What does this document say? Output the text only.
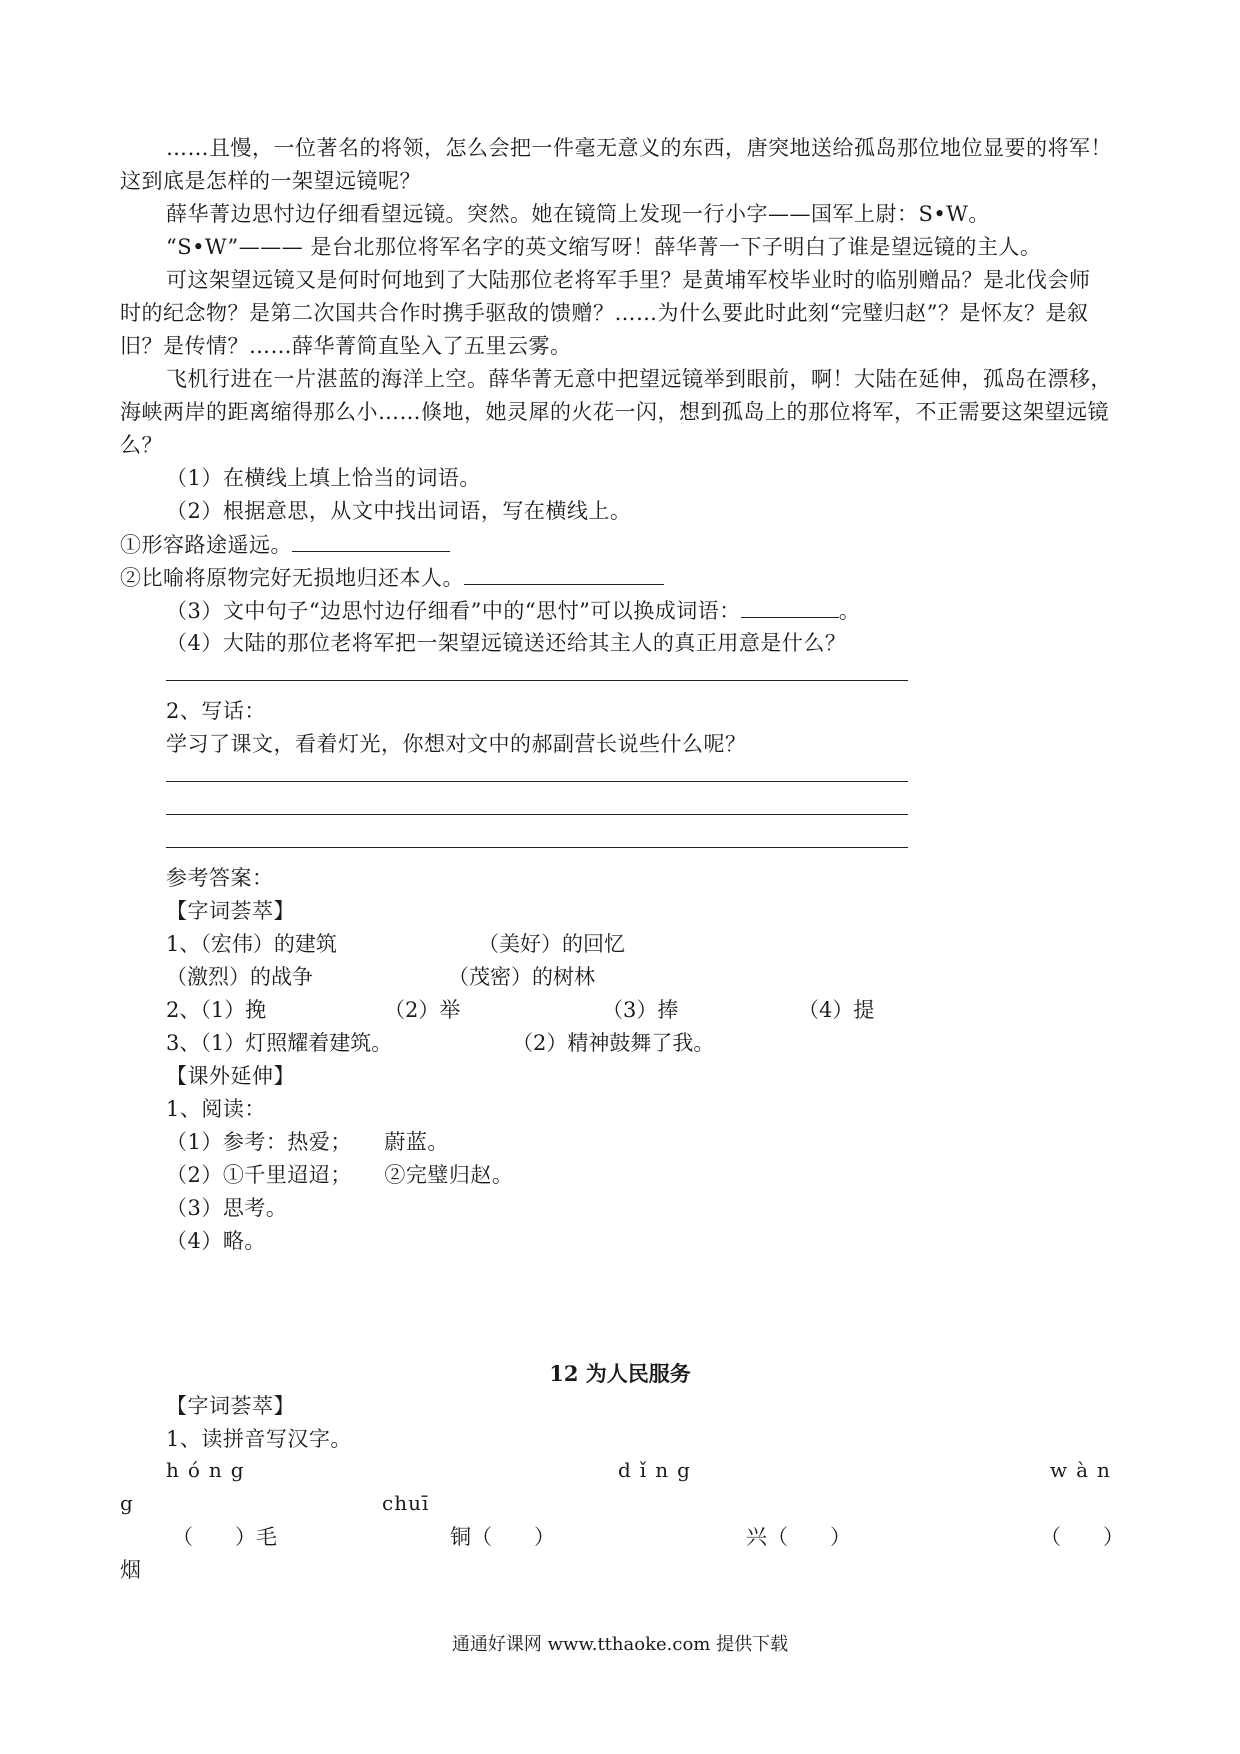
……且慢，一位著名的将领，怎么会把一件毫无意义的东西，唐突地送给孤岛那位地位显要的将军！
这到底是怎样的一架望远镜呢？
薛华菁边思忖边仔细看望远镜。突然。她在镜筒上发现一行小字——国军上尉：S•W。
“S•W”——— 是台北那位将军名字的英文缩写呀！薛华菁一下子明白了谁是望远镜的主人。
可这架望远镜又是何时何地到了大陆那位老将军手里？是黄埔军校毕业时的临别赠品？是北伐会师
时的纪念物？是第二次国共合作时携手驱敌的馈赠？……为什么要此时此刻“完璧归赵”？是怀友？是叙
旧？是传情？……薛华菁简直坠入了五里云雾。
飞机行进在一片湛蓝的海洋上空。薛华菁无意中把望远镜举到眼前，啊！大陆在延伸，孤岛在漂移，
海峡两岸的距离缩得那么小……倏地，她灵犀的火花一闪，想到孤岛上的那位将军，不正需要这架望远镜
么？
（1）在横线上填上恰当的词语。
（2）根据意思，从文中找出词语，写在横线上。
①形容路途遥远。
②比喻将原物完好无损地归还本人。
（3）文中句子“边思忖边仔细看”中的“思忖”可以换成词语：	。
（4）大陆的那位老将军把一架望远镜送还给其主人的真正用意是什么？
2、写话：
学习了课文，看着灯光，你想对文中的郝副营长说些什么呢？
参考答案：
【字词荟萃】
1、（宏伟）的建筑	（美好）的回忆
（激烈）的战争	（茂密）的树林
2、（1）挽	（2）举	（3）捧	（4）提
3、（1）灯照耀着建筑。	（2）精神鼓舞了我。
【课外延伸】
1、阅读：
（1）参考：热爱；　　蔚蓝。
（2）①千里迢迢；　　②完璧归赵。
（3）思考。
（4）略。
12 为人民服务
【字词荟萃】
1、读拼音写汉字。
hóng	dǐng	wàn
g	chuī
（　　）毛	铜（　　）	兴（　　）	（　　）
烟
通通好课网 www.tthaoke.com 提供下载
